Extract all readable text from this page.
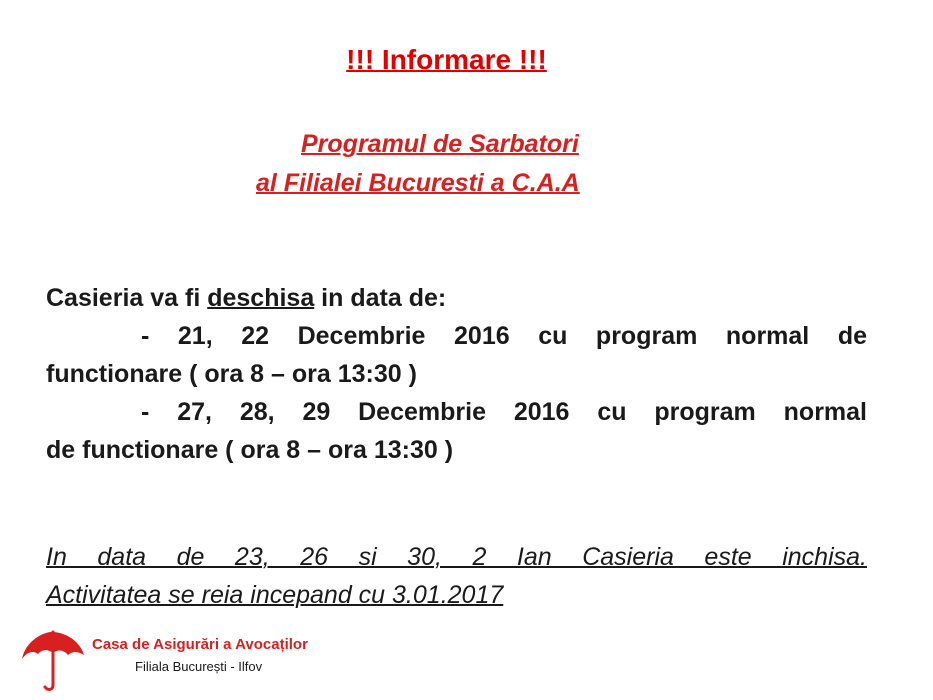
!!! Informare !!!
Programul de Sarbatori
al Filialei Bucuresti a C.A.A
Casieria va fi deschisa in data de:
- 21, 22 Decembrie 2016 cu program normal de
functionare ( ora 8 – ora 13:30 )
- 27, 28, 29 Decembrie 2016 cu program normal
de functionare ( ora 8 – ora 13:30 )
In data de 23, 26 si 30, 2 Ian Casieria este inchisa.
Activitatea se reia incepand cu 3.01.2017
Casa de Asigurări a Avocaților
Filiala București - Ilfov
